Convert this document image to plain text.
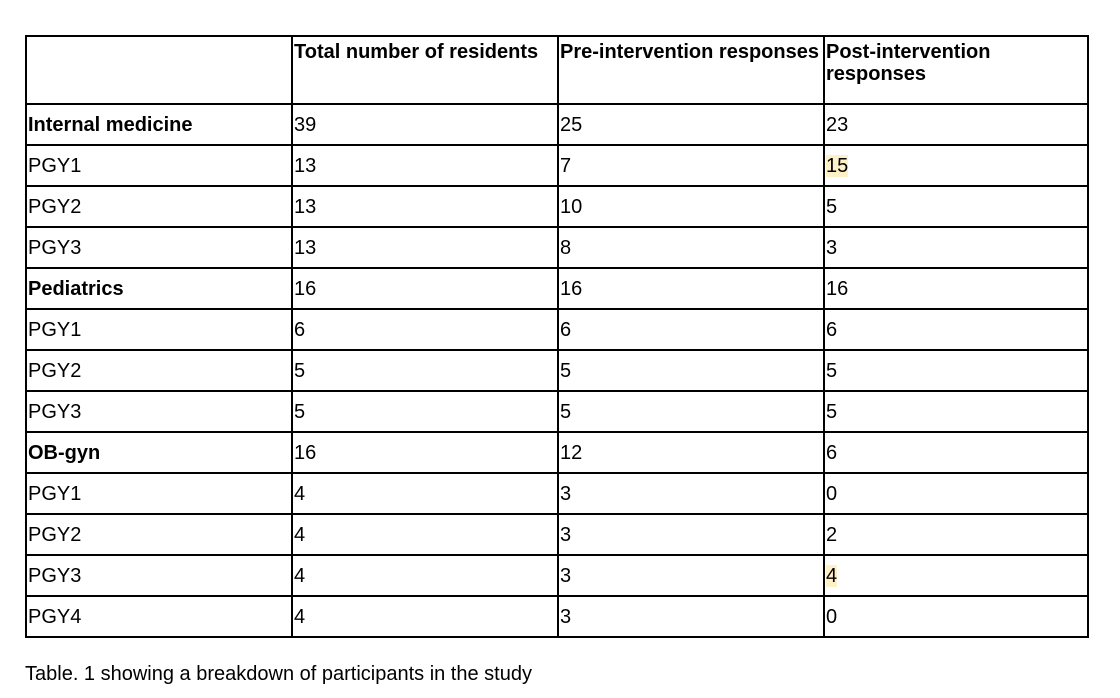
	Total number of residents	Pre-intervention responses	Post-intervention responses
Internal medicine	39	25	23
PGY1	13	7	15
PGY2	13	10	5
PGY3	13	8	3
Pediatrics	16	16	16
PGY1	6	6	6
PGY2	5	5	5
PGY3	5	5	5
OB-gyn	16	12	6
PGY1	4	3	0
PGY2	4	3	2
PGY3	4	3	4
PGY4	4	3	0

Table. 1 showing a breakdown of participants in the study
